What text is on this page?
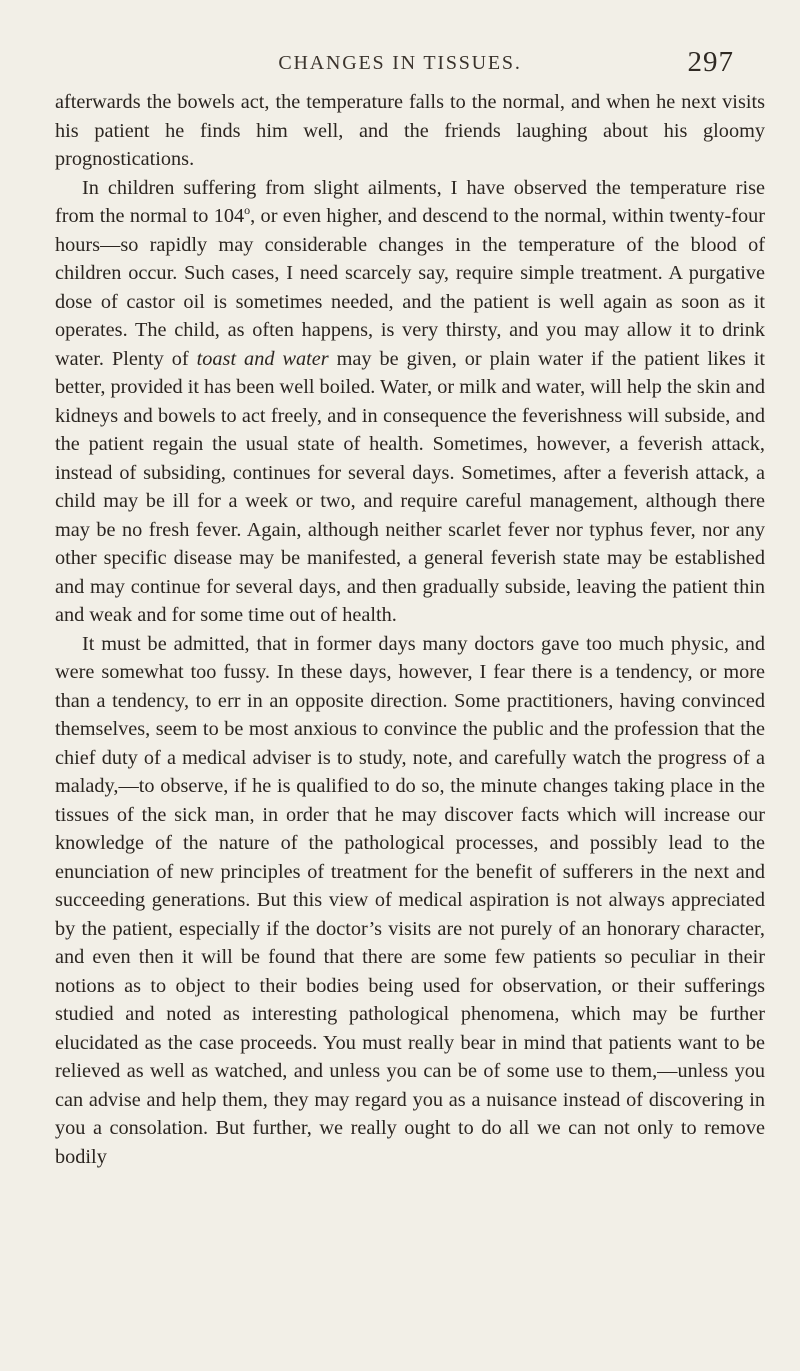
CHANGES IN TISSUES.	297

afterwards the bowels act, the temperature falls to the normal, and when he next visits his patient he finds him well, and the friends laughing about his gloomy prognostications.

In children suffering from slight ailments, I have observed the temperature rise from the normal to 104$^o$, or even higher, and descend to the normal, within twenty-four hours—so rapidly may considerable changes in the temperature of the blood of children occur. Such cases, I need scarcely say, require simple treatment. A purgative dose of castor oil is sometimes needed, and the patient is well again as soon as it operates. The child, as often happens, is very thirsty, and you may allow it to drink water. Plenty of toast and water may be given, or plain water if the patient likes it better, provided it has been well boiled. Water, or milk and water, will help the skin and kidneys and bowels to act freely, and in consequence the feverishness will subside, and the patient regain the usual state of health. Sometimes, however, a feverish attack, instead of subsiding, continues for several days. Sometimes, after a feverish attack, a child may be ill for a week or two, and require careful management, although there may be no fresh fever. Again, although neither scarlet fever nor typhus fever, nor any other specific disease may be manifested, a general feverish state may be established and may continue for several days, and then gradually subside, leaving the patient thin and weak and for some time out of health.

It must be admitted, that in former days many doctors gave too much physic, and were somewhat too fussy. In these days, however, I fear there is a tendency, or more than a tendency, to err in an opposite direction. Some practitioners, having convinced themselves, seem to be most anxious to convince the public and the profession that the chief duty of a medical adviser is to study, note, and carefully watch the progress of a malady,—to observe, if he is qualified to do so, the minute changes taking place in the tissues of the sick man, in order that he may discover facts which will increase our knowledge of the nature of the pathological processes, and possibly lead to the enunciation of new principles of treatment for the benefit of sufferers in the next and succeeding generations. But this view of medical aspiration is not always appreciated by the patient, especially if the doctor’s visits are not purely of an honorary character, and even then it will be found that there are some few patients so peculiar in their notions as to object to their bodies being used for observation, or their sufferings studied and noted as interesting pathological phenomena, which may be further elucidated as the case proceeds. You must really bear in mind that patients want to be relieved as well as watched, and unless you can be of some use to them,—unless you can advise and help them, they may regard you as a nuisance instead of discovering in you a consolation. But further, we really ought to do all we can not only to remove bodily
